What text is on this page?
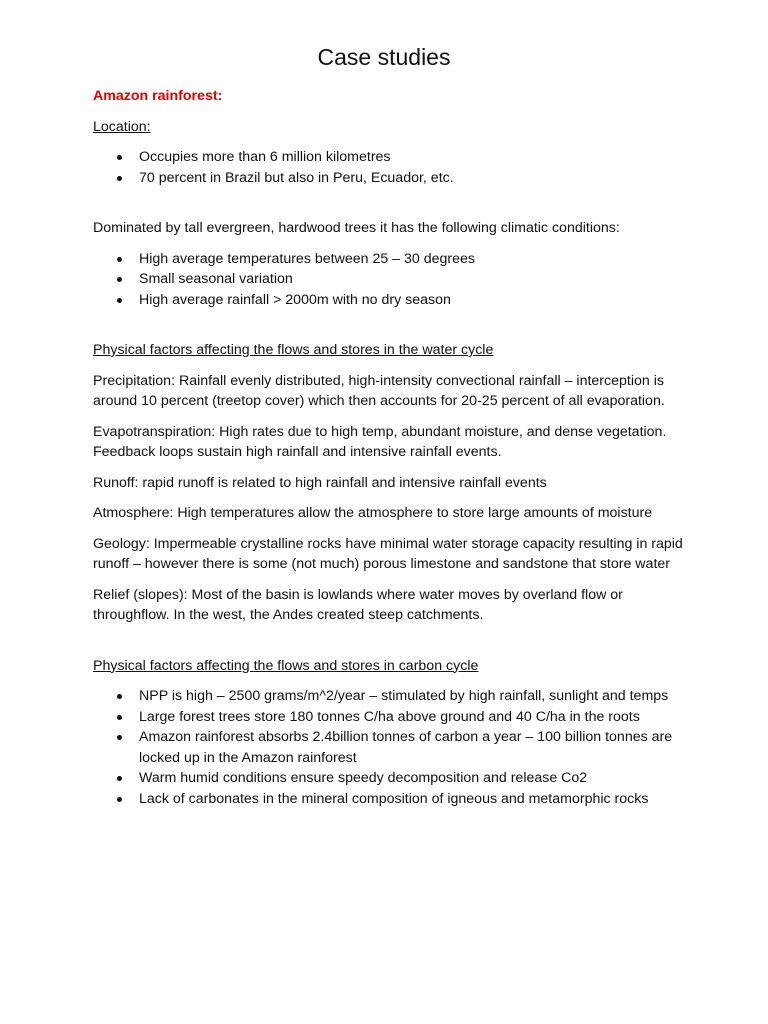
Case studies

Amazon rainforest:

Location:

Occupies more than 6 million kilometres
70 percent in Brazil but also in Peru, Ecuador, etc.

Dominated by tall evergreen, hardwood trees it has the following climatic conditions:

High average temperatures between 25 – 30 degrees
Small seasonal variation
High average rainfall > 2000m with no dry season

Physical factors affecting the flows and stores in the water cycle

Precipitation: Rainfall evenly distributed, high-intensity convectional rainfall – interception is around 10 percent (treetop cover) which then accounts for 20-25 percent of all evaporation.

Evapotranspiration: High rates due to high temp, abundant moisture, and dense vegetation. Feedback loops sustain high rainfall and intensive rainfall events.

Runoff: rapid runoff is related to high rainfall and intensive rainfall events

Atmosphere: High temperatures allow the atmosphere to store large amounts of moisture

Geology: Impermeable crystalline rocks have minimal water storage capacity resulting in rapid runoff – however there is some (not much) porous limestone and sandstone that store water

Relief (slopes): Most of the basin is lowlands where water moves by overland flow or throughflow. In the west, the Andes created steep catchments.

Physical factors affecting the flows and stores in carbon cycle

NPP is high – 2500 grams/m^2/year – stimulated by high rainfall, sunlight and temps
Large forest trees store 180 tonnes C/ha above ground and 40 C/ha in the roots
Amazon rainforest absorbs 2.4billion tonnes of carbon a year – 100 billion tonnes are locked up in the Amazon rainforest
Warm humid conditions ensure speedy decomposition and release Co2
Lack of carbonates in the mineral composition of igneous and metamorphic rocks
